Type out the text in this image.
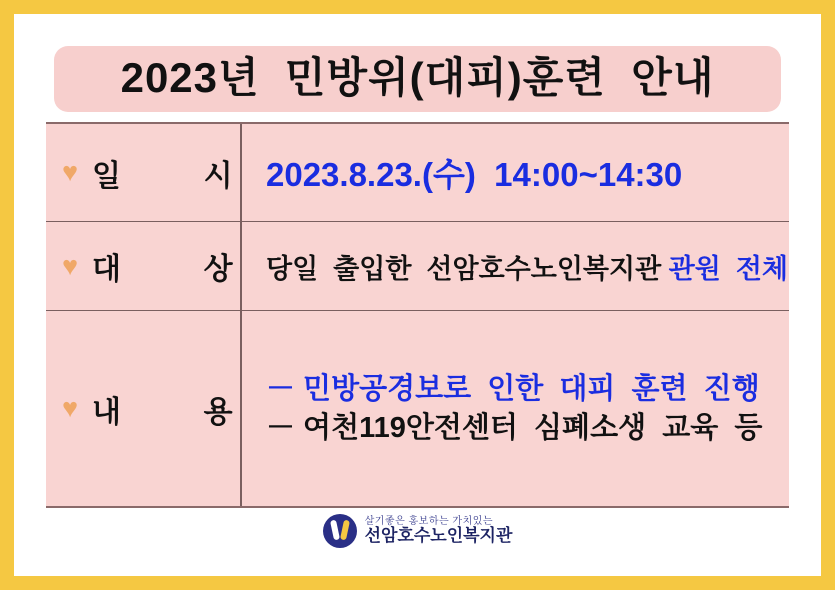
2023년  민방위(대피)훈련  안내
♥ 일  시 2023.8.23.(수)  14:00~14:30
♥ 대  상 당일  출입한  선암호수노인복지관 관원  전체
♥ 내  용
－ 민방공경보로  인한  대피  훈련  진행
－ 여천119안전센터  심폐소생  교육  등
살기좋은 홍보하는 가치있는
선암호수노인복지관
